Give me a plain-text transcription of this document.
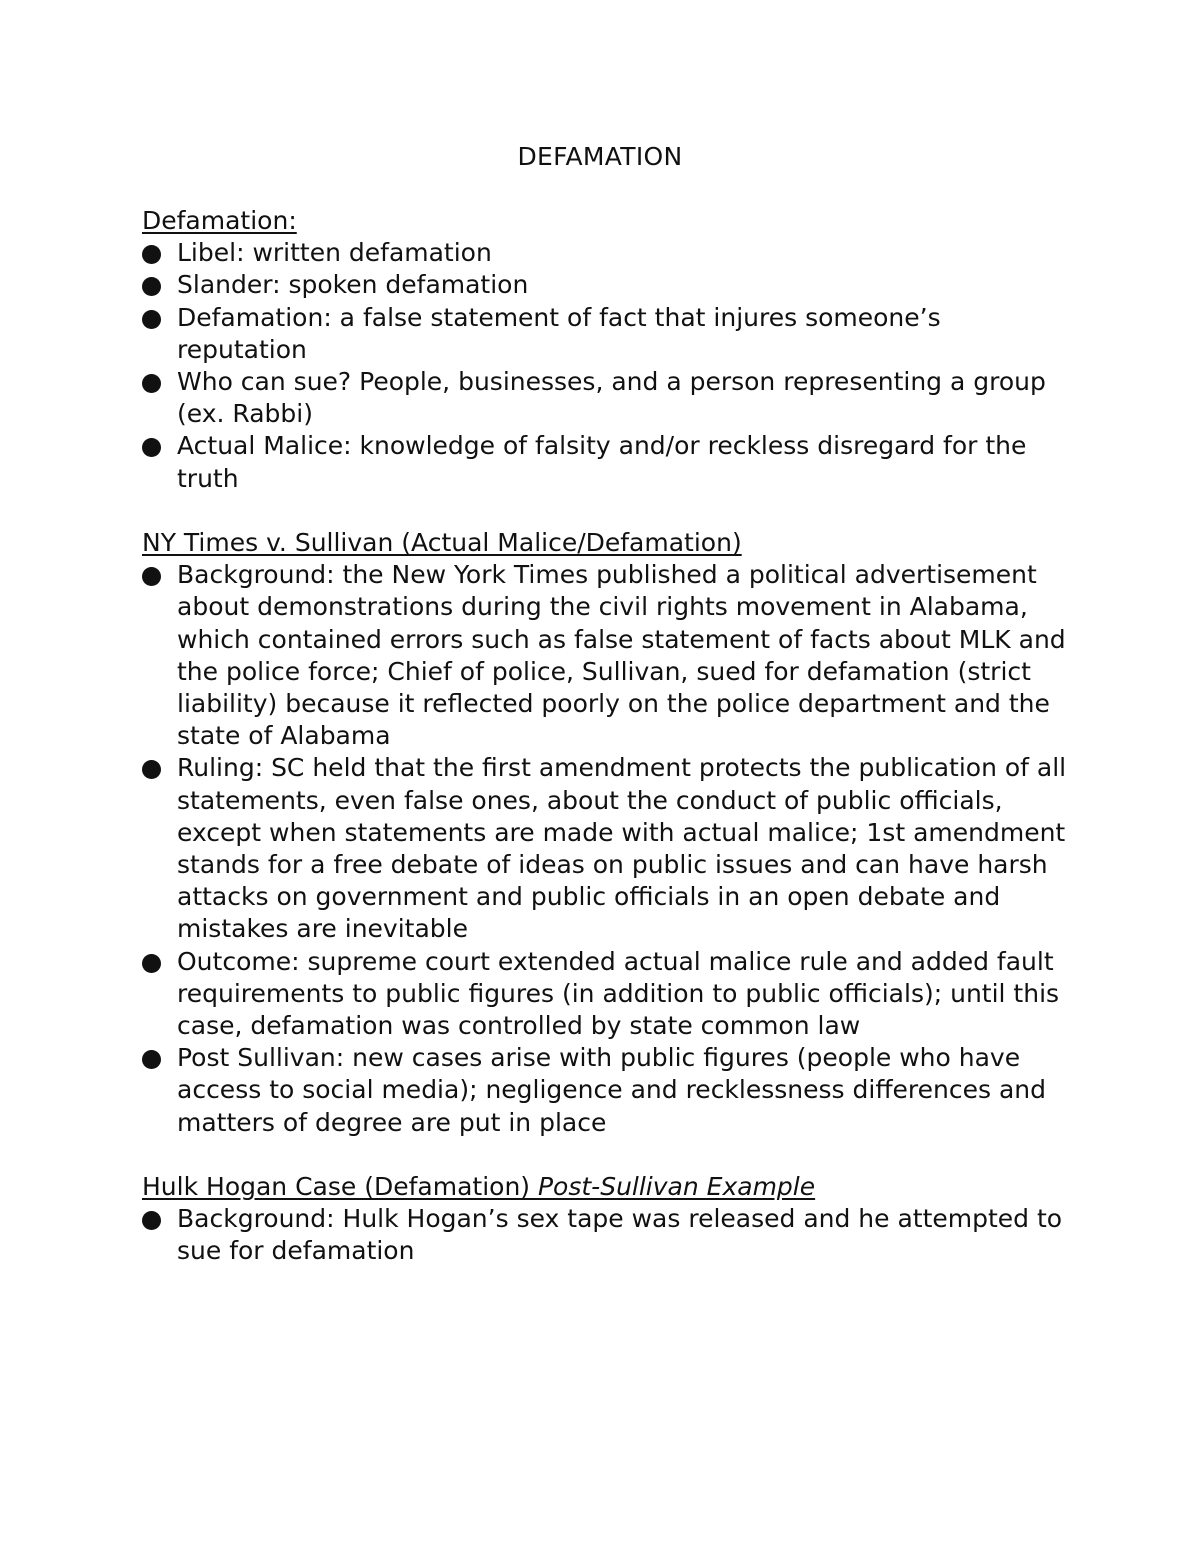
DEFAMATION
Defamation:
Libel: written defamation
Slander: spoken defamation
Defamation: a false statement of fact that injures someone’s reputation
Who can sue? People, businesses, and a person representing a group (ex. Rabbi)
Actual Malice: knowledge of falsity and/or reckless disregard for the truth
NY Times v. Sullivan (Actual Malice/Defamation)
Background: the New York Times published a political advertisement about demonstrations during the civil rights movement in Alabama, which contained errors such as false statement of facts about MLK and the police force; Chief of police, Sullivan, sued for defamation (strict liability) because it reflected poorly on the police department and the state of Alabama
Ruling: SC held that the first amendment protects the publication of all statements, even false ones, about the conduct of public officials, except when statements are made with actual malice; 1st amendment stands for a free debate of ideas on public issues and can have harsh attacks on government and public officials in an open debate and mistakes are inevitable
Outcome: supreme court extended actual malice rule and added fault requirements to public figures (in addition to public officials); until this case, defamation was controlled by state common law
Post Sullivan: new cases arise with public figures (people who have access to social media); negligence and recklessness differences and matters of degree are put in place
Hulk Hogan Case (Defamation) Post-Sullivan Example
Background: Hulk Hogan’s sex tape was released and he attempted to sue for defamation
